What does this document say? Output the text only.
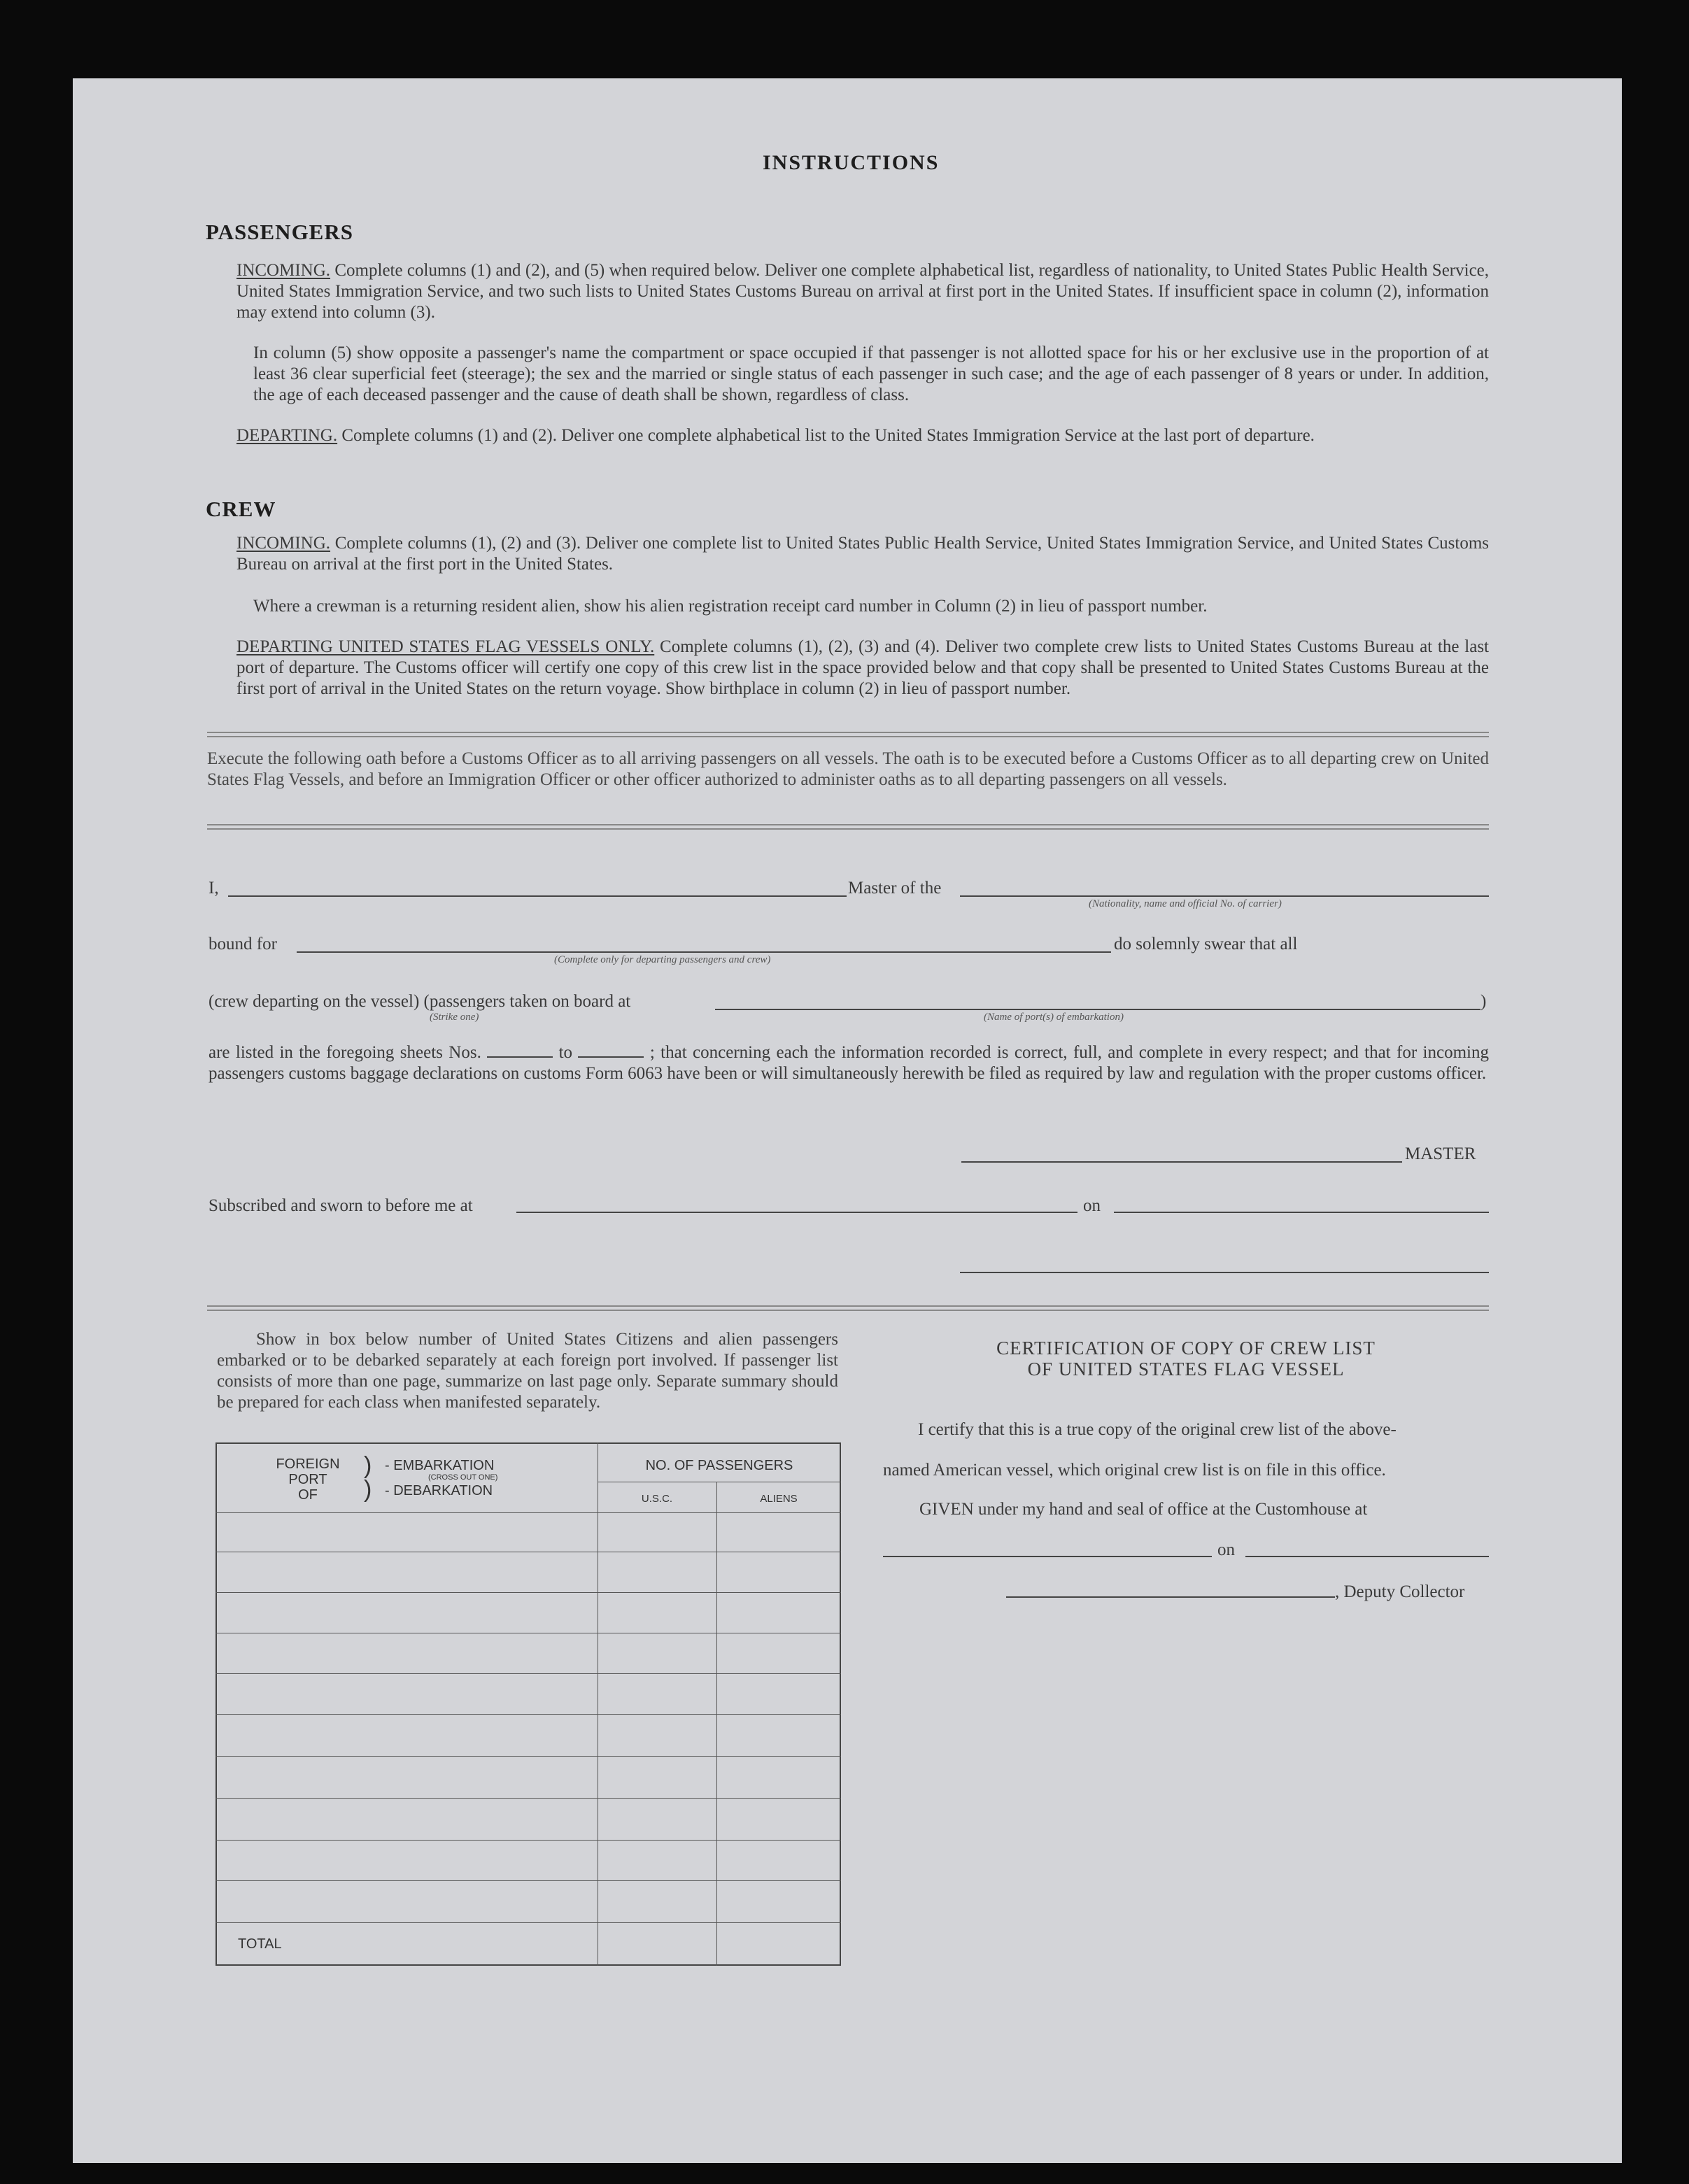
INSTRUCTIONS
PASSENGERS
INCOMING. Complete columns (1) and (2), and (5) when required below. Deliver one complete alphabetical list, regardless of nationality, to United States Public Health Service, United States Immigration Service, and two such lists to United States Customs Bureau on arrival at first port in the United States. If insufficient space in column (2), information may extend into column (3).
In column (5) show opposite a passenger's name the compartment or space occupied if that passenger is not allotted space for his or her exclusive use in the proportion of at least 36 clear superficial feet (steerage); the sex and the married or single status of each passenger in such case; and the age of each passenger of 8 years or under. In addition, the age of each deceased passenger and the cause of death shall be shown, regardless of class.
DEPARTING. Complete columns (1) and (2). Deliver one complete alphabetical list to the United States Immigration Service at the last port of departure.
CREW
INCOMING. Complete columns (1), (2) and (3). Deliver one complete list to United States Public Health Service, United States Immigration Service, and United States Customs Bureau on arrival at the first port in the United States.
Where a crewman is a returning resident alien, show his alien registration receipt card number in Column (2) in lieu of passport number.
DEPARTING UNITED STATES FLAG VESSELS ONLY. Complete columns (1), (2), (3) and (4). Deliver two complete crew lists to United States Customs Bureau at the last port of departure. The Customs officer will certify one copy of this crew list in the space provided below and that copy shall be presented to United States Customs Bureau at the first port of arrival in the United States on the return voyage. Show birthplace in column (2) in lieu of passport number.
Execute the following oath before a Customs Officer as to all arriving passengers on all vessels. The oath is to be executed before a Customs Officer as to all departing crew on United States Flag Vessels, and before an Immigration Officer or other officer authorized to administer oaths as to all departing passengers on all vessels.
I,	Master of the
(Nationality, name and official No. of carrier)
bound for
(Complete only for departing passengers and crew)
do solemnly swear that all
(crew departing on the vessel) (passengers taken on board at
(Strike one)	(Name of port(s) of embarkation)
)
are listed in the foregoing sheets Nos.	to	; that concerning each the information recorded is correct, full, and complete in every respect; and that for incoming passengers customs baggage declarations on customs Form 6063 have been or will simultaneously herewith be filed as required by law and regulation with the proper customs officer.
MASTER
Subscribed and sworn to before me at	on
Show in box below number of United States Citizens and alien passengers embarked or to be debarked separately at each foreign port involved. If passenger list consists of more than one page, summarize on last page only. Separate summary should be prepared for each class when manifested separately.
FOREIGN
PORT
OF
)
)
- EMBARKATION
(CROSS OUT ONE)
- DEBARKATION
NO. OF PASSENGERS
U.S.C.	ALIENS
TOTAL
CERTIFICATION OF COPY OF CREW LIST
OF UNITED STATES FLAG VESSEL
I certify that this is a true copy of the original crew list of the above-
named American vessel, which original crew list is on file in this office.
GIVEN under my hand and seal of office at the Customhouse at
on
, Deputy Collector
